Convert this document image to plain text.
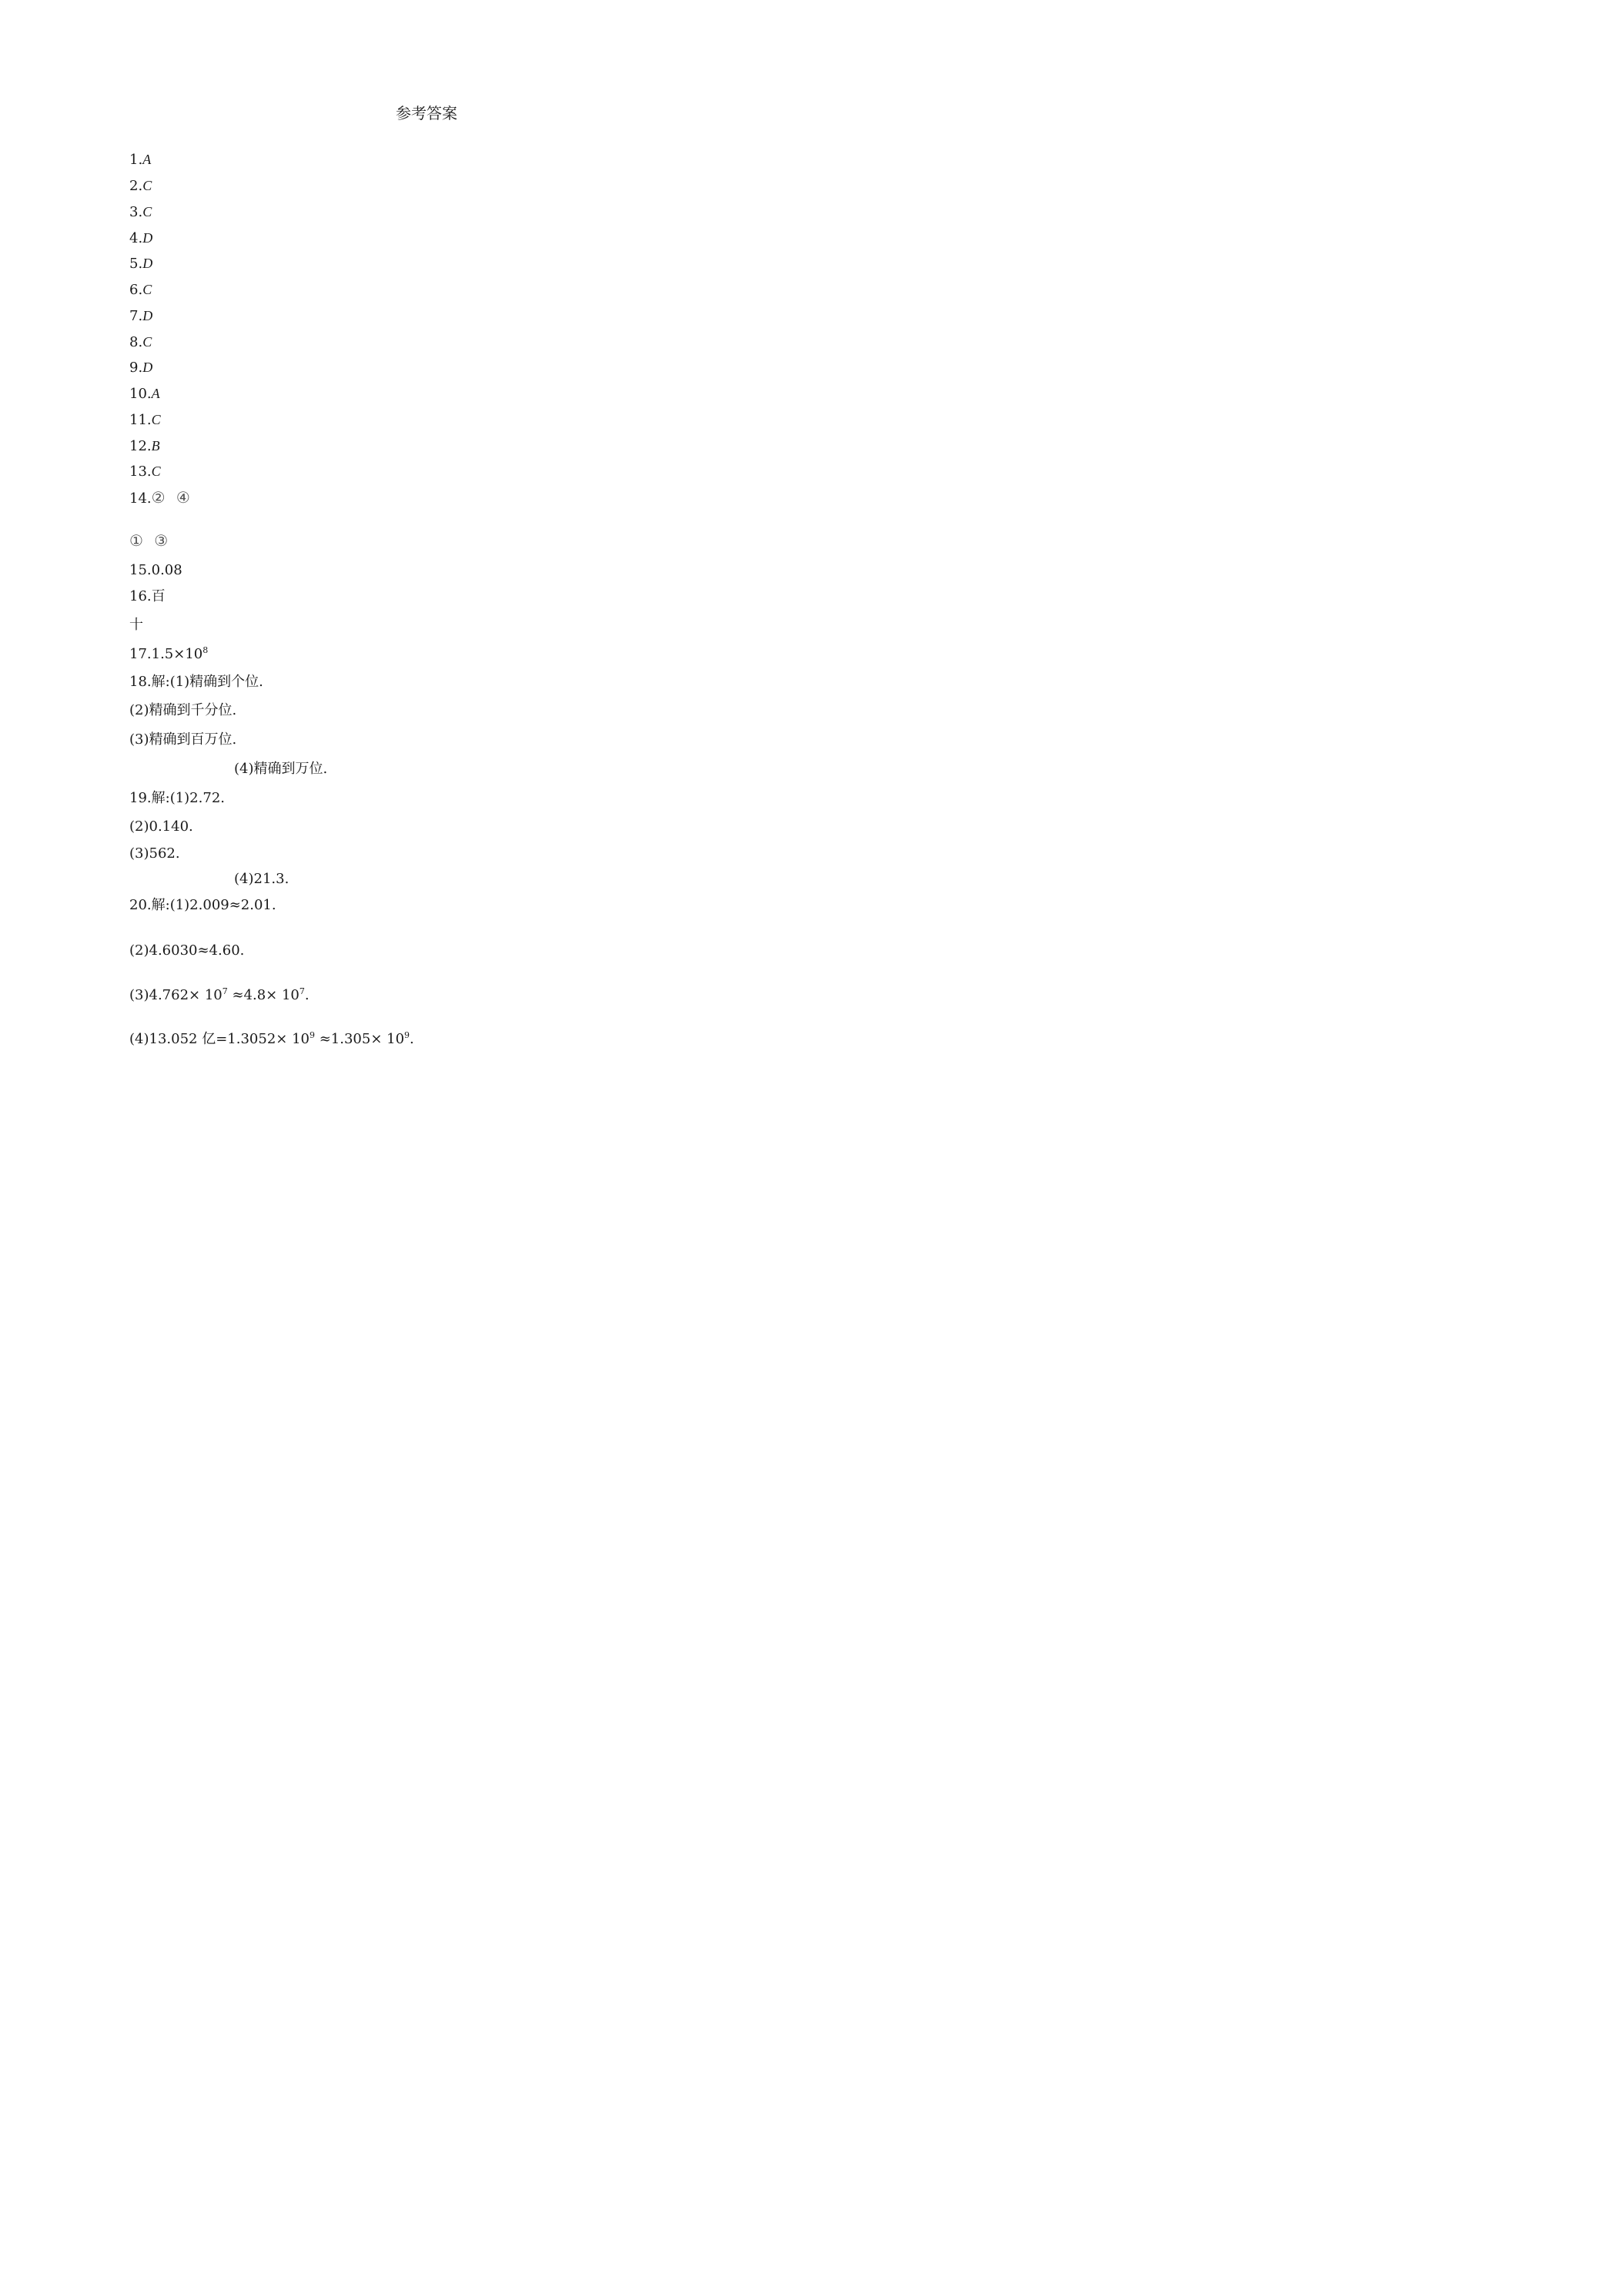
参考答案
1.A
2.C
3.C
4.D
5.D
6.C
7.D
8.C
9.D
10.A
11.C
12.B
13.C
14.② ④
① ③
15.0.08
16.百
十
$17.1.5\times 10^8$
18.解:(1)精确到个位.
(2)精确到千分位.
(3)精确到百万位.
(4)精确到万位.
19.解:(1)2.72.
(2)0.140.
(3)562.
(4)21.3.
20.解:(1)2.009≈2.01.
(2)4.6030≈4.60.
$(3)4.762\times 10^7 \approx 4.8\times 10^7$.
(4)13.052 亿$=1.3052\times 10^9 \approx 1.305\times 10^9$.
